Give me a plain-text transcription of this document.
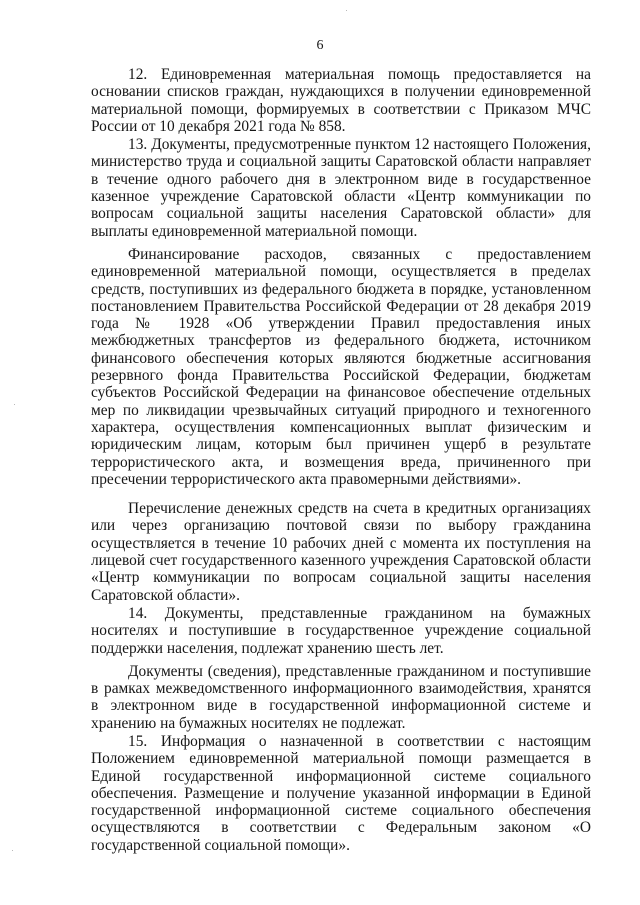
6

12. Единовременная материальная помощь предоставляется на основании списков граждан, нуждающихся в получении единовременной материальной помощи, формируемых в соответствии с Приказом МЧС России от 10 декабря 2021 года № 858.

13. Документы, предусмотренные пунктом 12 настоящего Положения, министерство труда и социальной защиты Саратовской области направляет в течение одного рабочего дня в электронном виде в государственное казенное учреждение Саратовской области «Центр коммуникации по вопросам социальной защиты населения Саратовской области» для выплаты единовременной материальной помощи.

Финансирование расходов, связанных с предоставлением единовременной материальной помощи, осуществляется в пределах средств, поступивших из федерального бюджета в порядке, установленном постановлением Правительства Российской Федерации от 28 декабря 2019 года № 1928 «Об утверждении Правил предоставления иных межбюджетных трансфертов из федерального бюджета, источником финансового обеспечения которых являются бюджетные ассигнования резервного фонда Правительства Российской Федерации, бюджетам субъектов Российской Федерации на финансовое обеспечение отдельных мер по ликвидации чрезвычайных ситуаций природного и техногенного характера, осуществления компенсационных выплат физическим и юридическим лицам, которым был причинен ущерб в результате террористического акта, и возмещения вреда, причиненного при пресечении террористического акта правомерными действиями».

Перечисление денежных средств на счета в кредитных организациях или через организацию почтовой связи по выбору гражданина осуществляется в течение 10 рабочих дней с момента их поступления на лицевой счет государственного казенного учреждения Саратовской области «Центр коммуникации по вопросам социальной защиты населения Саратовской области».

14. Документы, представленные гражданином на бумажных носителях и поступившие в государственное учреждение социальной поддержки населения, подлежат хранению шесть лет.

Документы (сведения), представленные гражданином и поступившие в рамках межведомственного информационного взаимодействия, хранятся в электронном виде в государственной информационной системе и хранению на бумажных носителях не подлежат.

15. Информация о назначенной в соответствии с настоящим Положением единовременной материальной помощи размещается в Единой государственной информационной системе социального обеспечения. Размещение и получение указанной информации в Единой государственной информационной системе социального обеспечения осуществляются в соответствии с Федеральным законом «О государственной социальной помощи».
